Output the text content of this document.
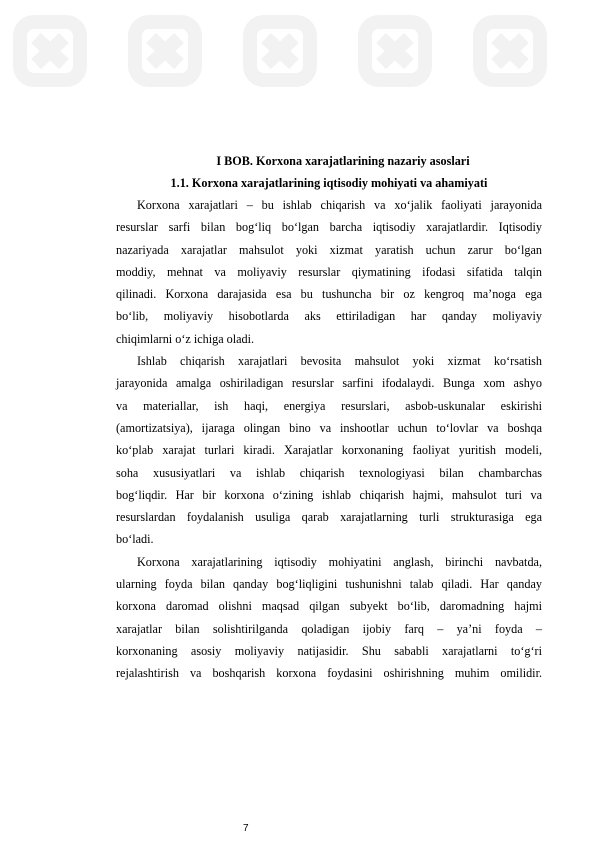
I BOB. Korxona xarajatlarining nazariy asoslari

1.1. Korxona xarajatlarining iqtisodiy mohiyati va ahamiyati

Korxona xarajatlari – bu ishlab chiqarish va xo‘jalik faoliyati jarayonida
resurslar sarfi bilan bog‘liq bo‘lgan barcha iqtisodiy xarajatlardir. Iqtisodiy
nazariyada xarajatlar mahsulot yoki xizmat yaratish uchun zarur bo‘lgan
moddiy, mehnat va moliyaviy resurslar qiymatining ifodasi sifatida talqin
qilinadi. Korxona darajasida esa bu tushuncha bir oz kengroq ma’noga ega
bo‘lib, moliyaviy hisobotlarda aks ettiriladigan har qanday moliyaviy
chiqimlarni o‘z ichiga oladi.
Ishlab chiqarish xarajatlari bevosita mahsulot yoki xizmat ko‘rsatish
jarayonida amalga oshiriladigan resurslar sarfini ifodalaydi. Bunga xom ashyo
va materiallar, ish haqi, energiya resurslari, asbob-uskunalar eskirishi
(amortizatsiya), ijaraga olingan bino va inshootlar uchun to‘lovlar va boshqa
ko‘plab xarajat turlari kiradi. Xarajatlar korxonaning faoliyat yuritish modeli,
soha xususiyatlari va ishlab chiqarish texnologiyasi bilan chambarchas
bog‘liqdir. Har bir korxona o‘zining ishlab chiqarish hajmi, mahsulot turi va
resurslardan foydalanish usuliga qarab xarajatlarning turli strukturasiga ega
bo‘ladi.
Korxona xarajatlarining iqtisodiy mohiyatini anglash, birinchi navbatda,
ularning foyda bilan qanday bog‘liqligini tushunishni talab qiladi. Har qanday
korxona daromad olishni maqsad qilgan subyekt bo‘lib, daromadning hajmi
xarajatlar bilan solishtirilganda qoladigan ijobiy farq – ya’ni foyda –
korxonaning asosiy moliyaviy natijasidir. Shu sababli xarajatlarni to‘g‘ri
rejalashtirish va boshqarish korxona foydasini oshirishning muhim omilidir.
7
